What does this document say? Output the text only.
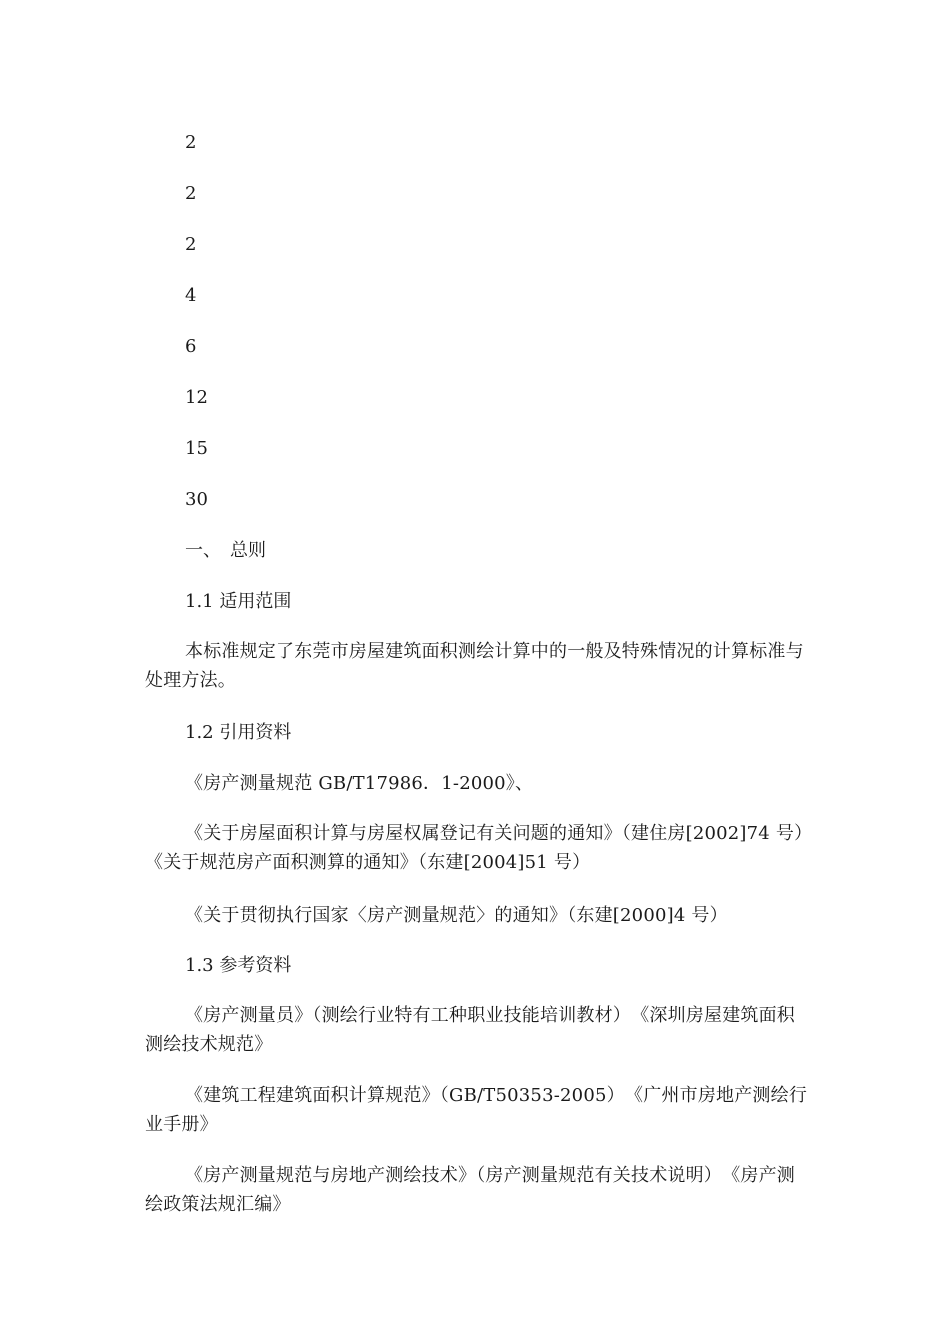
2

2

2

4

6

12

15

30

一、　总则

1.1 适用范围

本标准规定了东莞市房屋建筑面积测绘计算中的一般及特殊情况的计算标准与处理方法。

1.2 引用资料

《房产测量规范 GB/T17986．1-2000》、

《关于房屋面积计算与房屋权属登记有关问题的通知》（建住房[2002]74 号）　《关于规范房产面积测算的通知》（东建[2004]51 号）

《关于贯彻执行国家〈房产测量规范〉的通知》（东建[2000]4 号）

1.3 参考资料

《房产测量员》（测绘行业特有工种职业技能培训教材）　《深圳房屋建筑面积测绘技术规范》

《建筑工程建筑面积计算规范》（GB/T50353-2005）　《广州市房地产测绘行业手册》

《房产测量规范与房地产测绘技术》（房产测量规范有关技术说明）　《房产测绘政策法规汇编》
